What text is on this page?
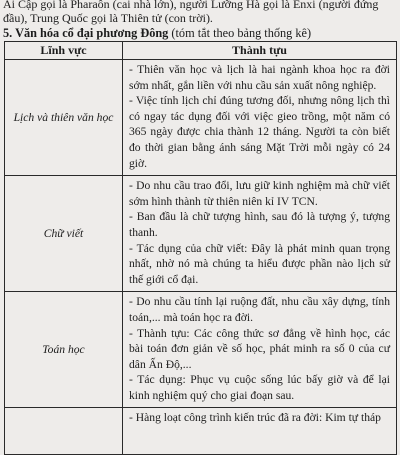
Ai Cập gọi là Pharaôn (cai nhà lớn), người Lưỡng Hà gọi là Enxi (người đứng
đầu), Trung Quốc gọi là Thiên tử (con trời).
5. Văn hóa cổ đại phương Đông (tóm tắt theo bảng thống kê)
Lĩnh vực	Thành tựu
Lịch và thiên văn học	- Thiên văn học và lịch là hai ngành khoa học ra đời sớm nhất, gắn liền với nhu cầu sản xuất nông nghiệp.

- Việc tính lịch chỉ đúng tương đối, nhưng nông lịch thì có ngay tác dụng đối với việc gieo trồng, một năm có 365 ngày được chia thành 12 tháng. Người ta còn biết đo thời gian bằng ánh sáng Mặt Trời mỗi ngày có 24 giờ.

Chữ viết	- Do nhu cầu trao đổi, lưu giữ kinh nghiệm mà chữ viết sớm hình thành từ thiên niên kỉ IV TCN.

- Ban đầu là chữ tượng hình, sau đó là tượng ý, tượng thanh.

- Tác dụng của chữ viết: Đây là phát minh quan trọng nhất, nhờ nó mà chúng ta hiểu được phần nào lịch sử thế giới cổ đại.

Toán học	- Do nhu cầu tính lại ruộng đất, nhu cầu xây dựng, tính toán,... mà toán học ra đời.

- Thành tựu: Các công thức sơ đẳng về hình học, các bài toán đơn giản về số học, phát minh ra số 0 của cư dân Ấn Độ,...

- Tác dụng: Phục vụ cuộc sống lúc bấy giờ và để lại kinh nghiệm quý cho giai đoạn sau.

	- Hàng loạt công trình kiến trúc đã ra đời: Kim tự tháp
